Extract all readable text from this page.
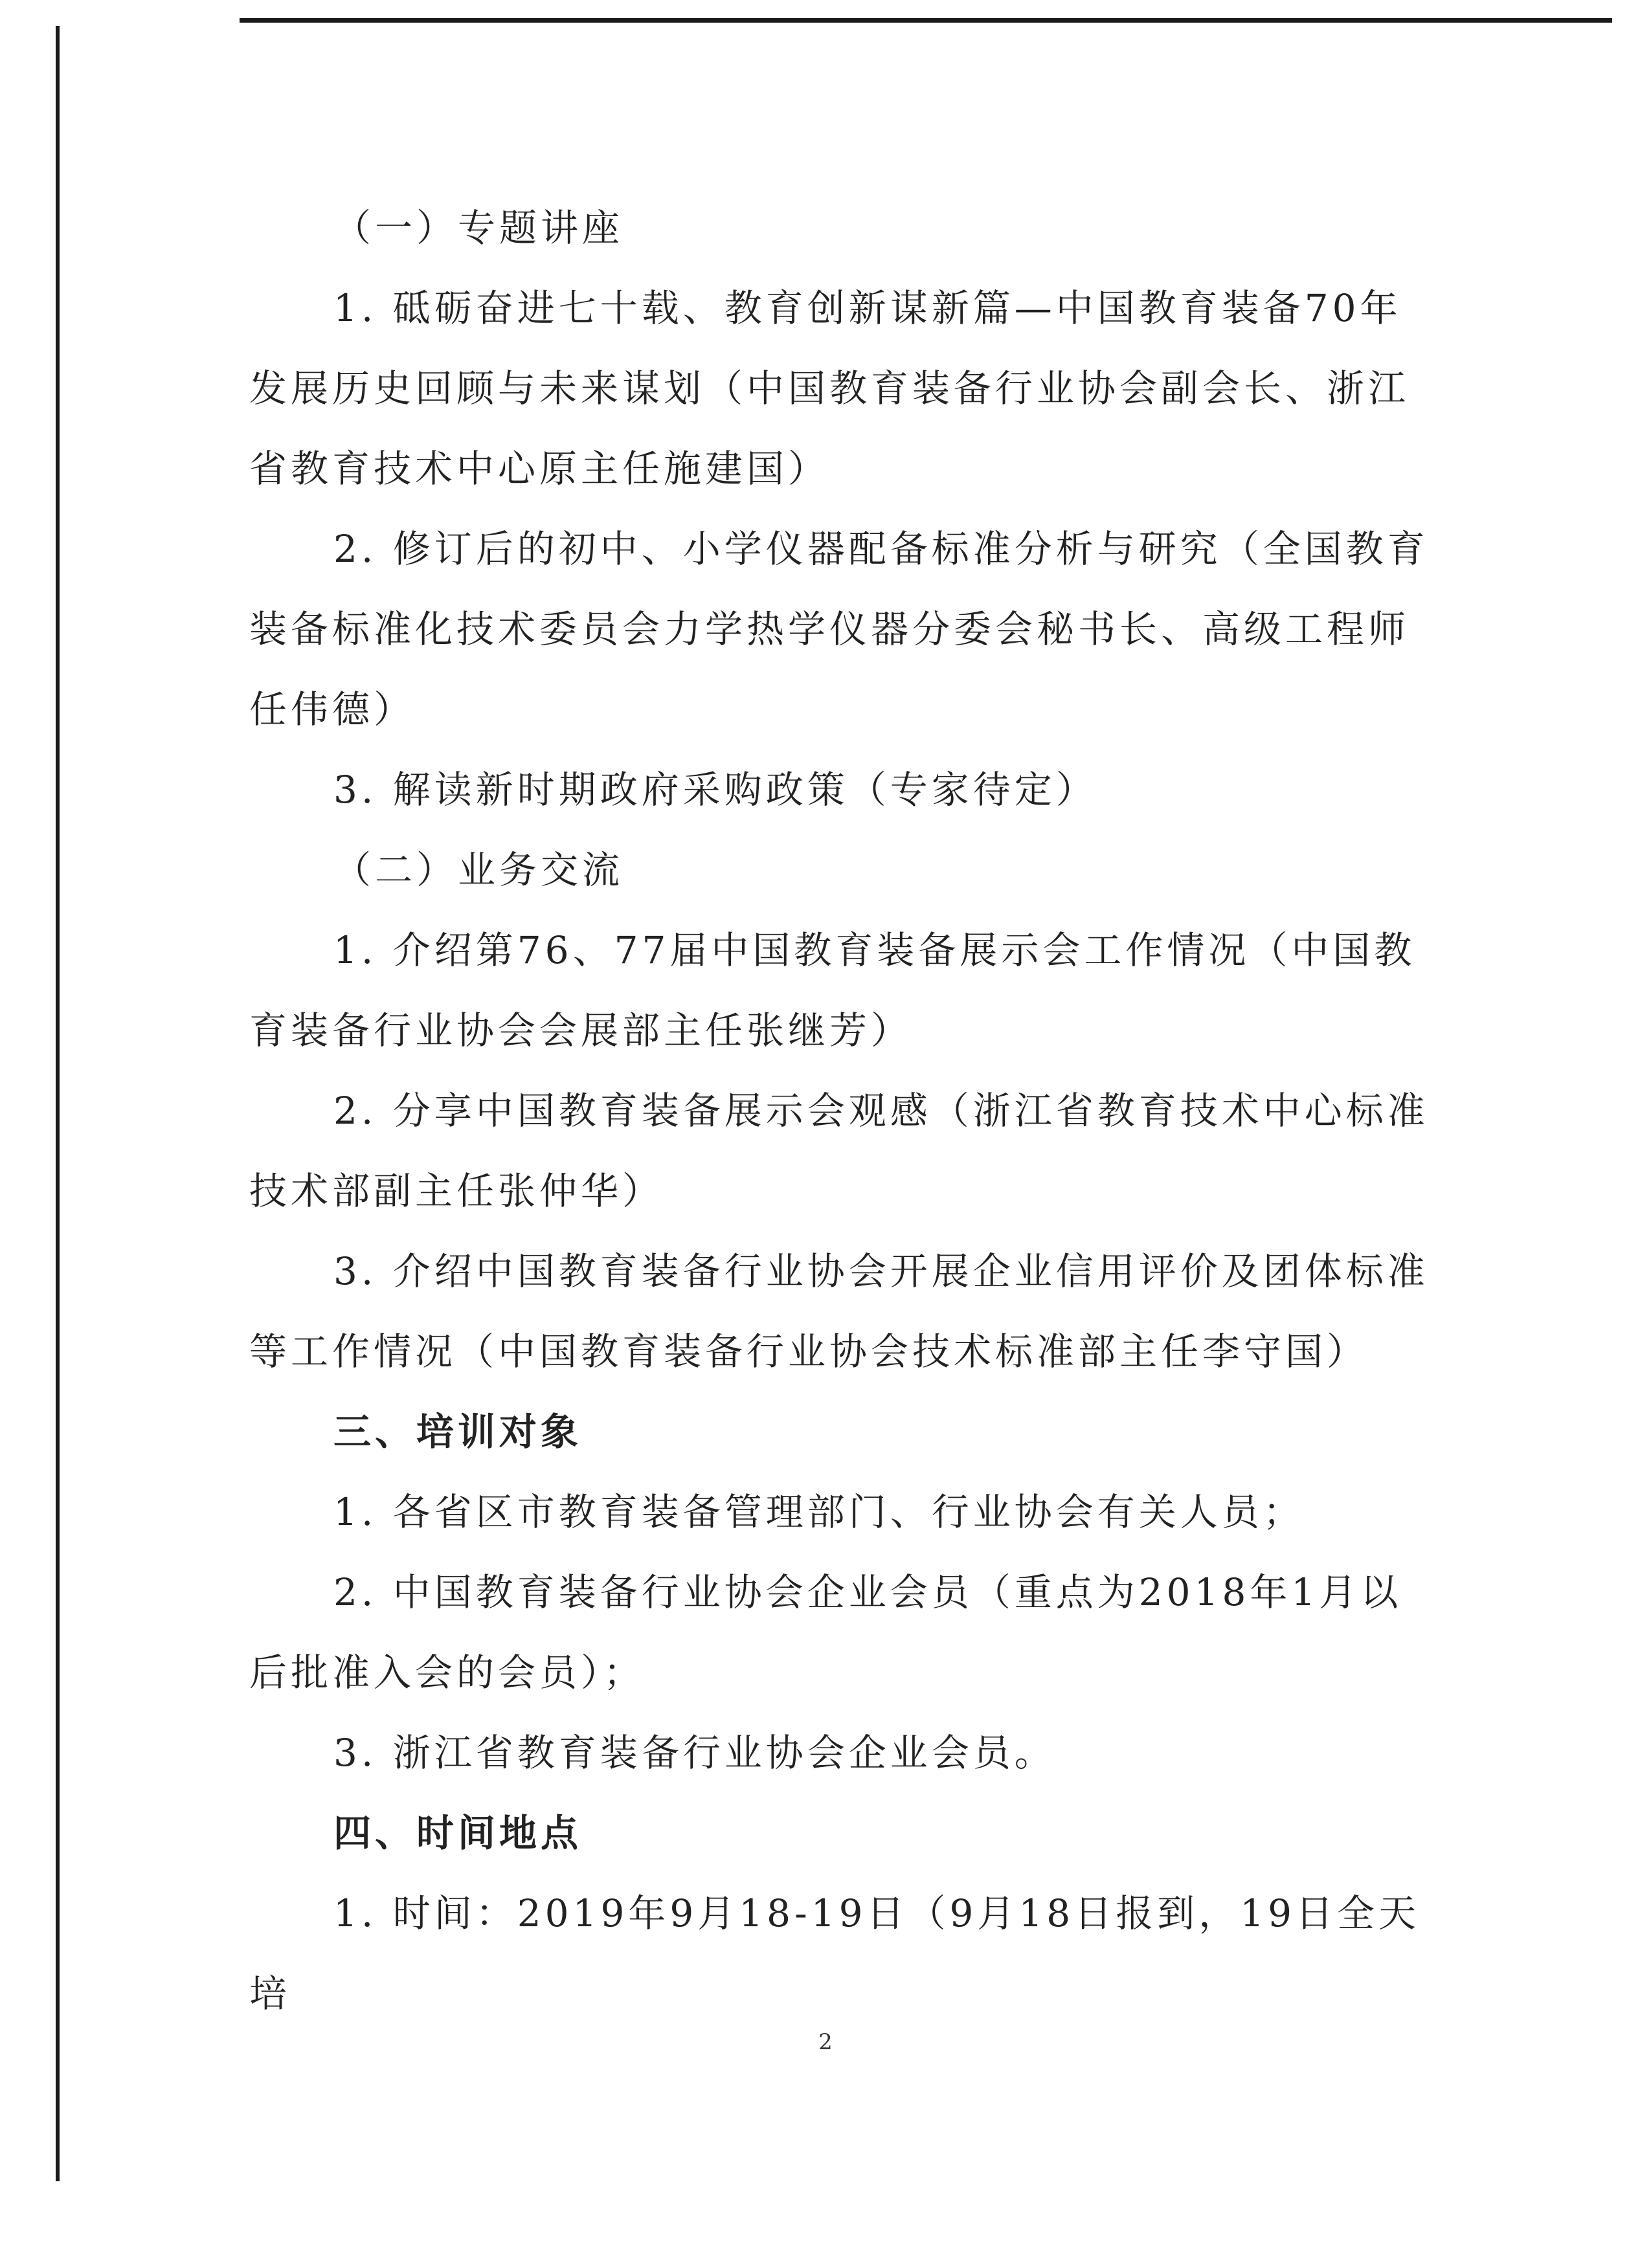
（一）专题讲座

1. 砥砺奋进七十载、教育创新谋新篇—中国教育装备70年发展历史回顾与未来谋划（中国教育装备行业协会副会长、浙江省教育技术中心原主任施建国）

2. 修订后的初中、小学仪器配备标准分析与研究（全国教育装备标准化技术委员会力学热学仪器分委会秘书长、高级工程师任伟德）

3. 解读新时期政府采购政策（专家待定）

（二）业务交流

1. 介绍第76、77届中国教育装备展示会工作情况（中国教育装备行业协会会展部主任张继芳）

2. 分享中国教育装备展示会观感（浙江省教育技术中心标准技术部副主任张仲华）

3. 介绍中国教育装备行业协会开展企业信用评价及团体标准等工作情况（中国教育装备行业协会技术标准部主任李守国）

三、培训对象

1. 各省区市教育装备管理部门、行业协会有关人员；

2. 中国教育装备行业协会企业会员（重点为2018年1月以后批准入会的会员）；

3. 浙江省教育装备行业协会企业会员。

四、时间地点

1. 时间：2019年9月18-19日（9月18日报到，19日全天培

2
